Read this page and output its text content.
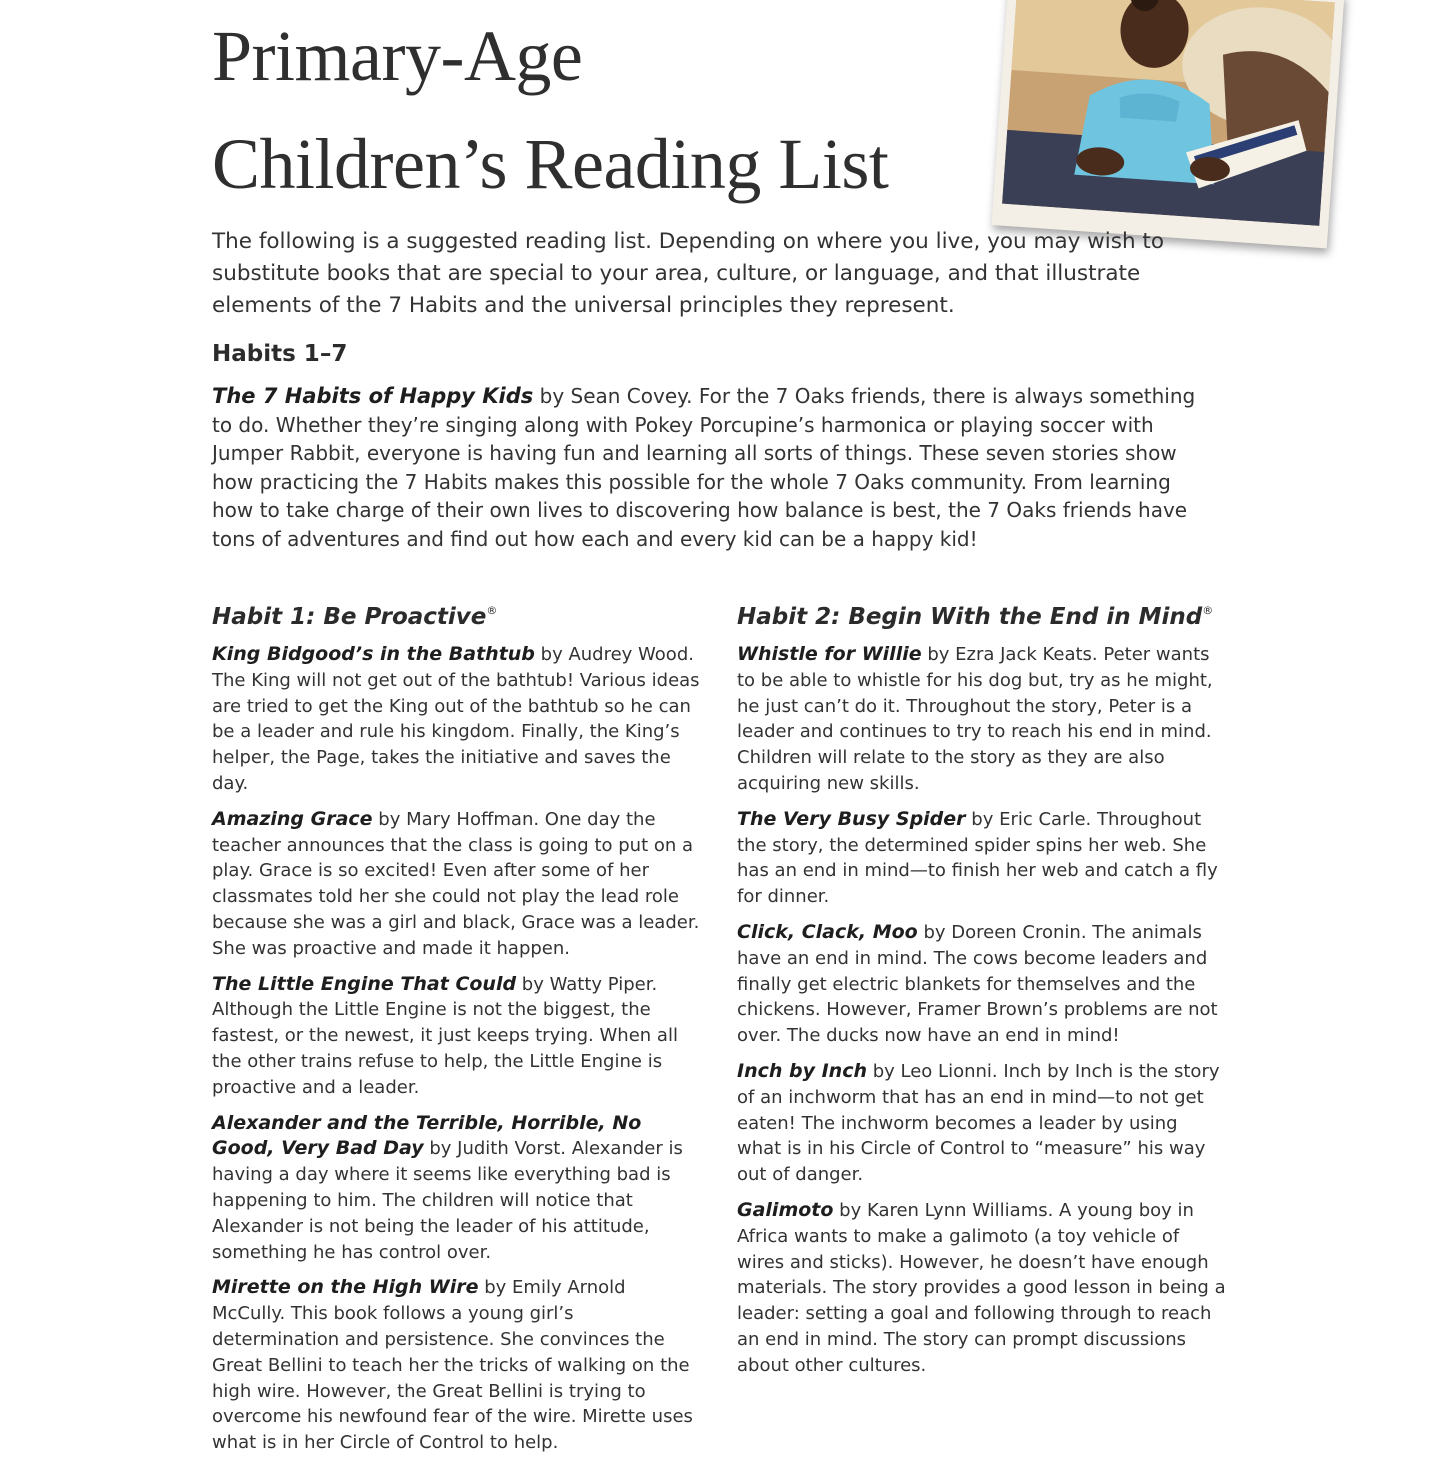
Primary-Age
Children’s Reading List

The following is a suggested reading list. Depending on where you live, you may wish to substitute books that are special to your area, culture, or language, and that illustrate elements of the 7 Habits and the universal principles they represent.

Habits 1–7

The 7 Habits of Happy Kids by Sean Covey. For the 7 Oaks friends, there is always something to do. Whether they’re singing along with Pokey Porcupine’s harmonica or playing soccer with Jumper Rabbit, everyone is having fun and learning all sorts of things. These seven stories show how practicing the 7 Habits makes this possible for the whole 7 Oaks community. From learning how to take charge of their own lives to discovering how balance is best, the 7 Oaks friends have tons of adventures and find out how each and every kid can be a happy kid!

Habit 1: Be Proactive®

King Bidgood’s in the Bathtub by Audrey Wood. The King will not get out of the bathtub! Various ideas are tried to get the King out of the bathtub so he can be a leader and rule his kingdom. Finally, the King’s helper, the Page, takes the initiative and saves the day.

Amazing Grace by Mary Hoffman. One day the teacher announces that the class is going to put on a play. Grace is so excited! Even after some of her classmates told her she could not play the lead role because she was a girl and black, Grace was a leader. She was proactive and made it happen.

The Little Engine That Could by Watty Piper. Although the Little Engine is not the biggest, the fastest, or the newest, it just keeps trying. When all the other trains refuse to help, the Little Engine is proactive and a leader.

Alexander and the Terrible, Horrible, No Good, Very Bad Day by Judith Vorst. Alexander is having a day where it seems like everything bad is happening to him. The children will notice that Alexander is not being the leader of his attitude, something he has control over.

Mirette on the High Wire by Emily Arnold McCully. This book follows a young girl’s determination and persistence. She convinces the Great Bellini to teach her the tricks of walking on the high wire. However, the Great Bellini is trying to overcome his newfound fear of the wire. Mirette uses what is in her Circle of Control to help.

Habit 2: Begin With the End in Mind®

Whistle for Willie by Ezra Jack Keats. Peter wants to be able to whistle for his dog but, try as he might, he just can’t do it. Throughout the story, Peter is a leader and continues to try to reach his end in mind. Children will relate to the story as they are also acquiring new skills.

The Very Busy Spider by Eric Carle. Throughout the story, the determined spider spins her web. She has an end in mind—to finish her web and catch a fly for dinner.

Click, Clack, Moo by Doreen Cronin. The animals have an end in mind. The cows become leaders and finally get electric blankets for themselves and the chickens. However, Framer Brown’s problems are not over. The ducks now have an end in mind!

Inch by Inch by Leo Lionni. Inch by Inch is the story of an inchworm that has an end in mind—to not get eaten! The inchworm becomes a leader by using what is in his Circle of Control to “measure” his way out of danger.

Galimoto by Karen Lynn Williams. A young boy in Africa wants to make a galimoto (a toy vehicle of wires and sticks). However, he doesn’t have enough materials. The story provides a good lesson in being a leader: setting a goal and following through to reach an end in mind. The story can prompt discussions about other cultures.
